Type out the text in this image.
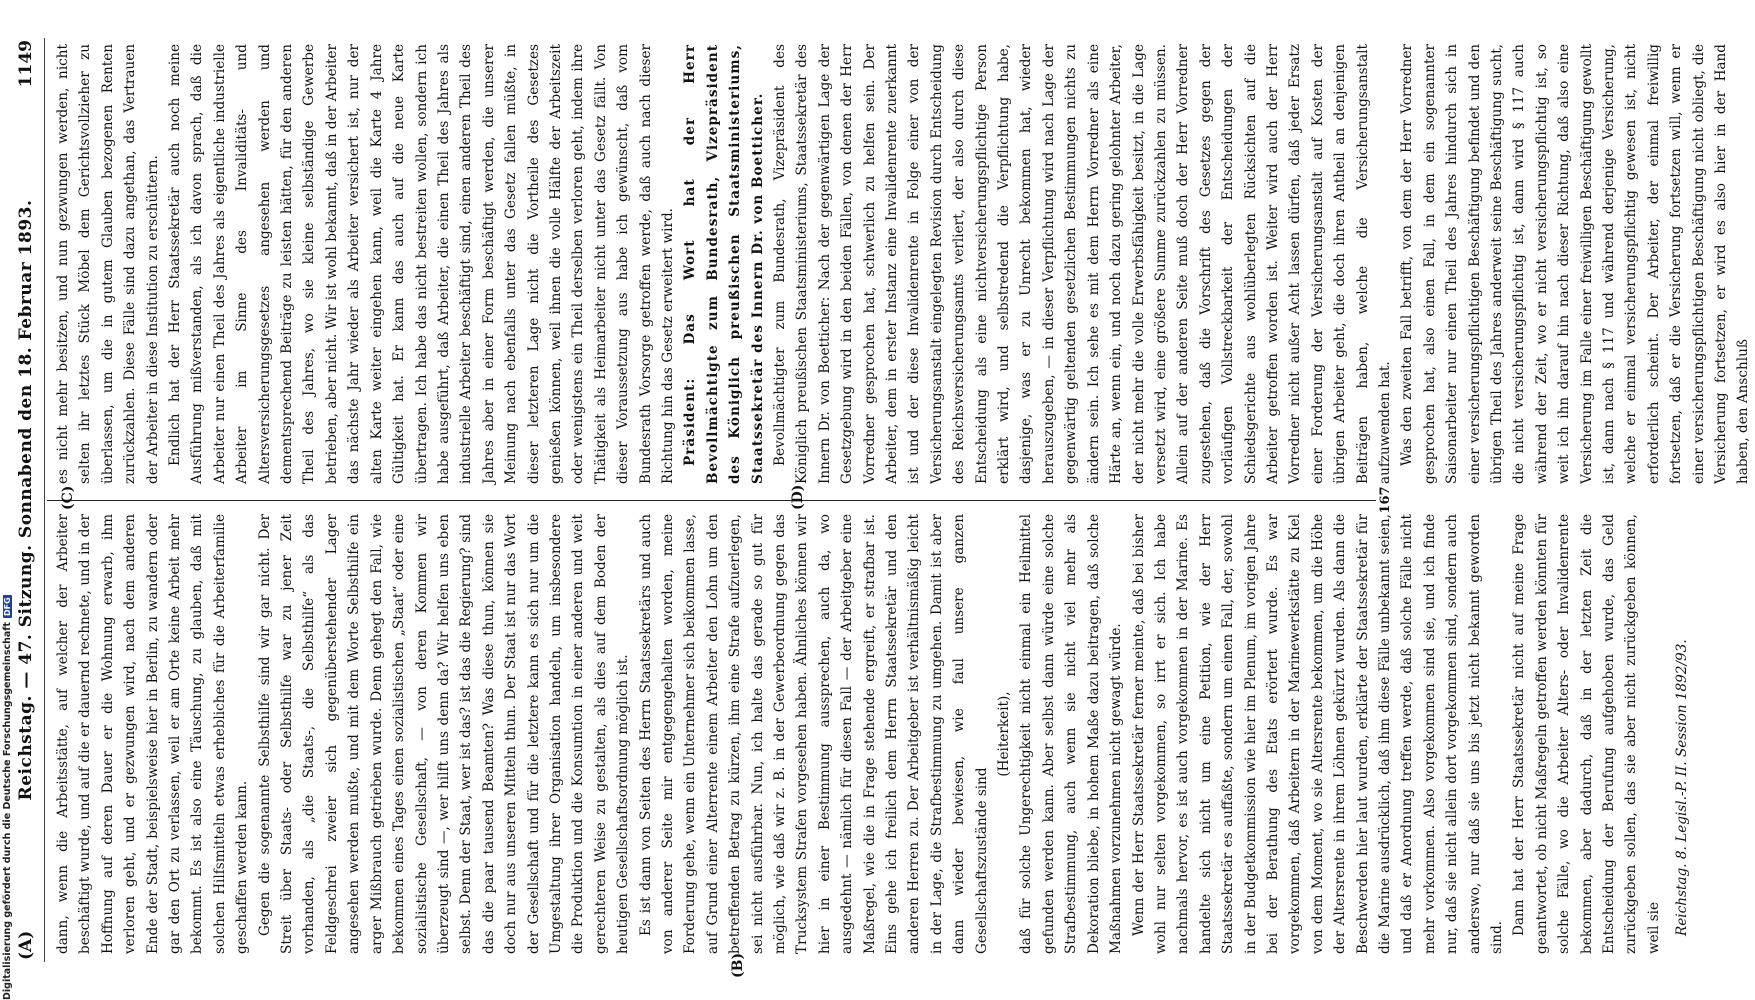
(A)
Reichstag. — 47. Sitzung. Sonnabend den 18. Februar 1893.
1149
(B)
(D)
(C)

dann, wenn die Arbeitsstätte, auf welcher der Arbeiter beschäftigt wurde, und auf die er dauernd rechnete, und in der Hoffnung auf deren Dauer er die Wohnung erwarb, ihm verloren geht, und er gezwungen wird, nach dem anderen Ende der Stadt, beispielsweise hier in Berlin, zu wandern oder gar den Ort zu verlassen, weil er am Orte keine Arbeit mehr bekommt. Es ist also eine Täuschung, zu glauben, daß mit solchen Hilfsmitteln etwas erhebliches für die Arbeiterfamilie geschaffen werden kann. Gegen die sogenannte Selbsthilfe sind wir gar nicht. Der Streit über Staats- oder Selbsthilfe war zu jener Zeit vorhanden, als „die Staats-, die Selbsthilfe“ als das Feldgeschrei zweier sich gegenüberstehender Lager angesehen werden mußte, und mit dem Worte Selbsthilfe ein arger Mißbrauch getrieben wurde. Denn gehegt den Fall, wie bekommen eines Tages einen sozialistischen „Staat“ oder eine sozialistische Gesellschaft, — von deren Kommen wir überzeugt sind —, wer hilft uns denn da? Wir helfen uns eben selbst. Denn der Staat, wer ist das? ist das die Regierung? sind das die paar tausend Beamten? Was diese thun, können sie doch nur aus unseren Mitteln thun. Der Staat ist nur das Wort der Gesellschaft und für die letztere kann es sich nur um die Umgestaltung ihrer Organisation handeln, um insbesondere die Produktion und die Konsumtion in einer anderen und weit gerechteren Weise zu gestalten, als dies auf dem Boden der heutigen Gesellschaftsordnung möglich ist. Es ist dann von Seiten des Herrn Staatssekretärs und auch von anderer Seite mir entgegengehalten worden, meine Forderung gehe, wenn ein Unternehmer sich beikommen lasse, auf Grund einer Alterrente einem Arbeiter den Lohn um den betreffenden Betrag zu kürzen, ihm eine Strafe aufzuerlegen, sei nicht ausführbar. Nun, ich halte das gerade so gut für möglich, wie daß wir z. B. in der Gewerbeordnung gegen das Trucksystem Strafen vorgesehen haben. Ähnliches können wir hier in einer Bestimmung aussprechen, auch da, wo ausgedehnt — nämlich für diesen Fall — der Arbeitgeber eine Maßregel, wie die in Frage stehende ergreift, er strafbar ist. Eins gehe ich freilich dem Herrn Staatssekretär und den anderen Herren zu. Der Arbeitgeber ist verhältnismäßig leicht in der Lage, die Strafbestimmung zu umgehen. Damit ist aber dann wieder bewiesen, wie faul unsere ganzen Gesellschaftszustände sind

(Heiterkeit), daß für solche Ungerechtigkeit nicht einmal ein Heilmittel gefunden werden kann. Aber selbst dann würde eine solche Strafbestimmung, auch wenn sie nicht viel mehr als Dekoration bliebe, in hohem Maße dazu beitragen, daß solche Maßnahmen vorzunehmen nicht gewagt würde. Wenn der Herr Staatssekretär ferner meinte, daß bei bisher wohl nur selten vorgekommen, so irrt er sich. Ich habe nachmals hervor, es ist auch vorgekommen in der Marine. Es handelte sich nicht um eine Petition, wie der Herr Staatssekretär es auffaßte, sondern um einen Fall, der, sowohl in der Budgetkommission wie hier im Plenum, im vorigen Jahre bei der Berathung des Etats erörtert wurde. Es war vorgekommen, daß Arbeitern in der Marinewerkstätte zu Kiel von dem Moment, wo sie Altersrente bekommen, um die Höhe der Altersrente in ihrem Löhnen gekürzt wurden. Als dann die Beschwerden hier laut wurden, erklärte der Staatssekretär für die Marine ausdrücklich, daß ihm diese Fälle unbekannt seien, und daß er Anordnung treffen werde, daß solche Fälle nicht mehr vorkommen. Also vorgekommen sind sie, und ich finde nur, daß sie nicht allein dort vorgekommen sind, sondern auch anderswo, nur daß sie uns bis jetzt nicht bekannt geworden sind.

Dann hat der Herr Staatssekretär nicht auf meine Frage geantwortet, ob nicht Maßregeln getroffen werden könnten für solche Fälle, wo die Arbeiter Alters- oder Invalidenrente bekommen, aber dadurch, daß in der letzten Zeit die Entscheidung der Berufung aufgehoben wurde, das Geld zurückgeben sollen, das sie aber nicht zurückgeben können, weil sie Reichstag. 8. Legisl.-P. II. Session 1892/93.

es nicht mehr besitzen, und nun gezwungen werden, nicht selten ihr letztes Stück Möbel dem Gerichtsvollzieher zu überlassen, um die in gutem Glauben bezogenen Renten zurückzahlen. Diese Fälle sind dazu angethan, das Vertrauen der Arbeiter in diese Institution zu erschüttern. Endlich hat der Herr Staatssekretär auch noch meine Ausführung mißverstanden, als ich davon sprach, daß die Arbeiter nur einen Theil des Jahres als eigentliche industrielle Arbeiter im Sinne des Invaliditäts- und Altersversicherungsgesetzes angesehen werden und dementsprechend Beiträge zu leisten hätten, für den anderen Theil des Jahres, wo sie kleine selbständige Gewerbe betrieben, aber nicht. Wir ist wohl bekannt, daß in der Arbeiter das nächste Jahr wieder als Arbeiter versichert ist, nur der alten Karte weiter eingehen kann, weil die Karte 4 Jahre Gültigkeit hat. Er kann das auch auf die neue Karte übertragen. Ich habe das nicht bestreiten wollen, sondern ich habe ausgeführt, daß Arbeiter, die einen Theil des Jahres als industrielle Arbeiter beschäftigt sind, einen anderen Theil des Jahres aber in einer Form beschäftigt werden, die unserer Meinung nach ebenfalls unter das Gesetz fallen müßte, in dieser letzteren Lage nicht die Vortheile des Gesetzes genießen können, weil ihnen die volle Hälfte der Arbeitszeit oder wenigstens ein Theil derselben verloren geht, indem ihre Thätigkeit als Heimarbeiter nicht unter das Gesetz fällt. Von dieser Voraussetzung aus habe ich gewünscht, daß vom Bundesrath Vorsorge getroffen werde, daß auch nach dieser Richtung hin das Gesetz erweitert wird. Präsident: Das Wort hat der Herr Bevollmächtigte zum Bundesrath, Vizepräsident des Königlich preußischen Staatsministeriums, Staatssekretär des Innern Dr. von Boetticher. Bevollmächtigter zum Bundesrath, Vizepräsident des Königlich preußischen Staatsministeriums, Staatssekretär des Innern Dr. von Boetticher: Nach der gegenwärtigen Lage der Gesetzgebung wird in den beiden Fällen, von denen der Herr Vorredner gesprochen hat, schwerlich zu helfen sein. Der Arbeiter, dem in erster Instanz eine Invalidenrente zuerkannt ist und der diese Invalidenrente in Folge einer von der Versicherungsanstalt eingelegten Revision durch Entscheidung des Reichsversicherungsamts verliert, der also durch diese Entscheidung als eine nichtversicherungspflichtige Person erklärt wird, und selbstredend die Verpflichtung habe, dasjenige, was er zu Unrecht bekommen hat, wieder herauszugeben, — in dieser Verpflichtung wird nach Lage der gegenwärtig geltenden gesetzlichen Bestimmungen nichts zu ändern sein. Ich sehe es mit dem Herrn Vorredner als eine Härte an, wenn ein, und noch dazu gering gelohnter Arbeiter, der nicht mehr die volle Erwerbsfähigkeit besitzt, in die Lage versetzt wird, eine größere Summe zurückzahlen zu müssen. Allein auf der anderen Seite muß doch der Herr Vorredner zugestehen, daß die Vorschrift des Gesetzes gegen der vorläufigen Vollstreckbarkeit der Entscheidungen der Schiedsgerichte aus wohlüberlegten Rücksichten auf die Arbeiter getroffen worden ist. Weiter wird auch der Herr Vorredner nicht außer Acht lassen dürfen, daß jeder Ersatz einer Forderung der Versicherungsanstalt auf Kosten der übrigen Arbeiter geht, die doch ihren Antheil an denjenigen Beiträgen haben, welche die Versicherungsanstalt aufzuwenden hat. Was den zweiten Fall betrifft, von dem der Herr Vorredner gesprochen hat, also einen Fall, in dem ein sogenannter Saisonarbeiter nur einen Theil des Jahres hindurch sich in einer versicherungspflichtigen Beschäftigung befindet und den übrigen Theil des Jahres anderweit seine Beschäftigung sucht, die nicht versicherungspflichtig ist, dann wird § 117 auch während der Zeit, wo er nicht versicherungspflichtig ist, so weit ich ihn darauf hin nach dieser Richtung, daß also eine Versicherung im Falle einer freiwilligen Beschäftigung gewollt ist, dann nach § 117 und während derjenige Versicherung, welche er einmal versicherungspflichtig gewesen ist, nicht erforderlich scheint. Der Arbeiter, der einmal freiwillig fortsetzen, daß er die Versicherung fortsetzen will, wenn er einer versicherungspflichtigen Beschäftigung nicht obliegt, die Versicherung fortsetzen, er wird es also hier in der Hand haben, den Anschluß

167
Digitalisierung gefördert durch die Deutsche ForschungsgemeinschaftDFG
